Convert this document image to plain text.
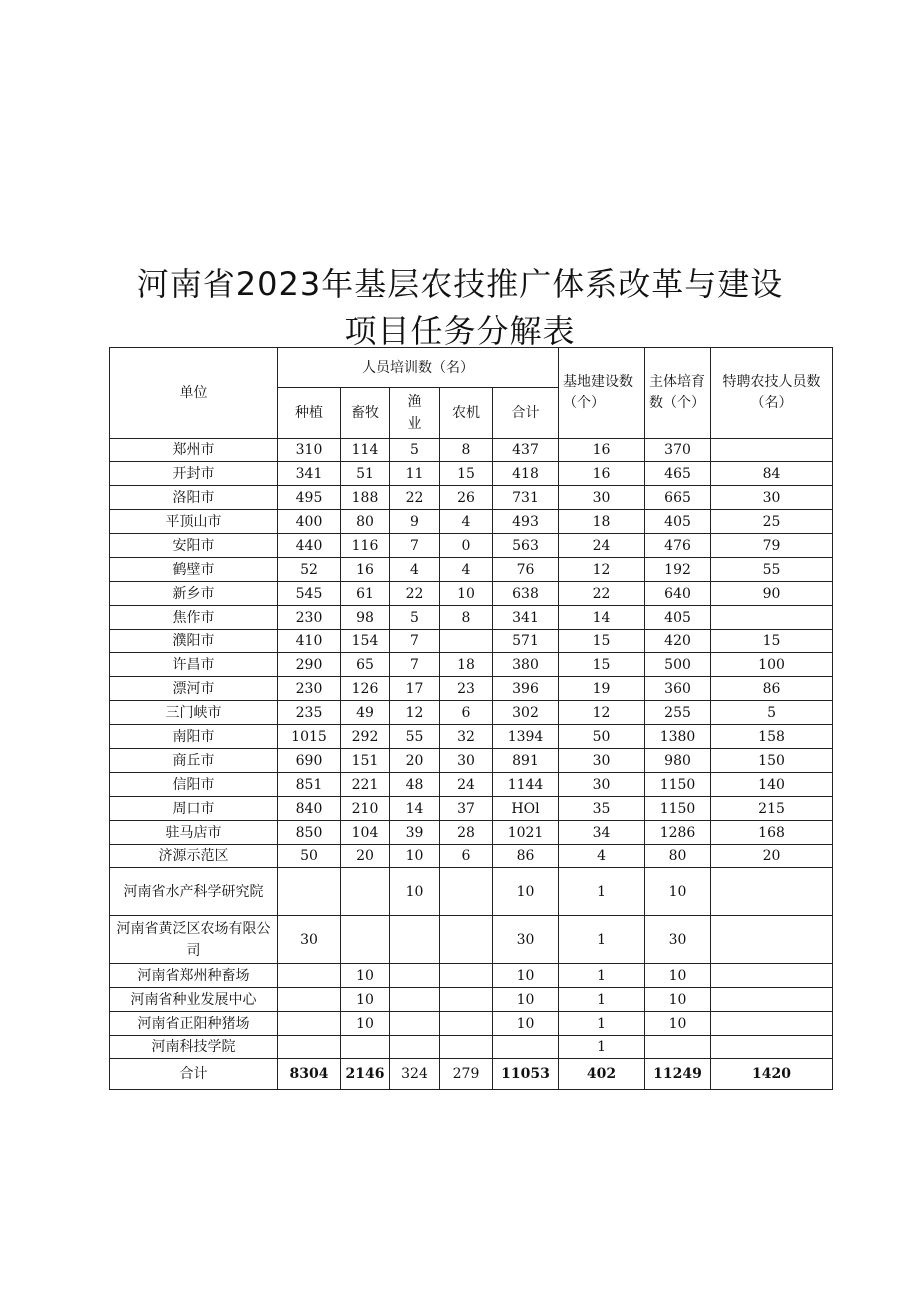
河南省2023年基层农技推广体系改革与建设
项目任务分解表
单位	人员培训数（名）					基地建设数（个）	主体培育数（个）	特聘农技人员数（名）
	种植	畜牧	渔业	农机	合计			
郑州市	310	114	5	8	437	16	370	
开封市	341	51	11	15	418	16	465	84
洛阳市	495	188	22	26	731	30	665	30
平顶山市	400	80	9	4	493	18	405	25
安阳市	440	116	7	0	563	24	476	79
鹤壁市	52	16	4	4	76	12	192	55
新乡市	545	61	22	10	638	22	640	90
焦作市	230	98	5	8	341	14	405	
濮阳市	410	154	7		571	15	420	15
许昌市	290	65	7	18	380	15	500	100
漂河市	230	126	17	23	396	19	360	86
三门峡市	235	49	12	6	302	12	255	5
南阳市	1015	292	55	32	1394	50	1380	158
商丘市	690	151	20	30	891	30	980	150
信阳市	851	221	48	24	1144	30	1150	140
周口市	840	210	14	37	HOl	35	1150	215
驻马店市	850	104	39	28	1021	34	1286	168
济源示范区	50	20	10	6	86	4	80	20
河南省水产科学研究院			10		10	1	10	
河南省黄泛区农场有限公司	30				30	1	30	
河南省郑州种畜场		10			10	1	10	
河南省种业发展中心		10			10	1	10	
河南省正阳种猪场		10			10	1	10	
河南科技学院						1		
合计	8304	2146	324	279	11053	402	11249	1420
